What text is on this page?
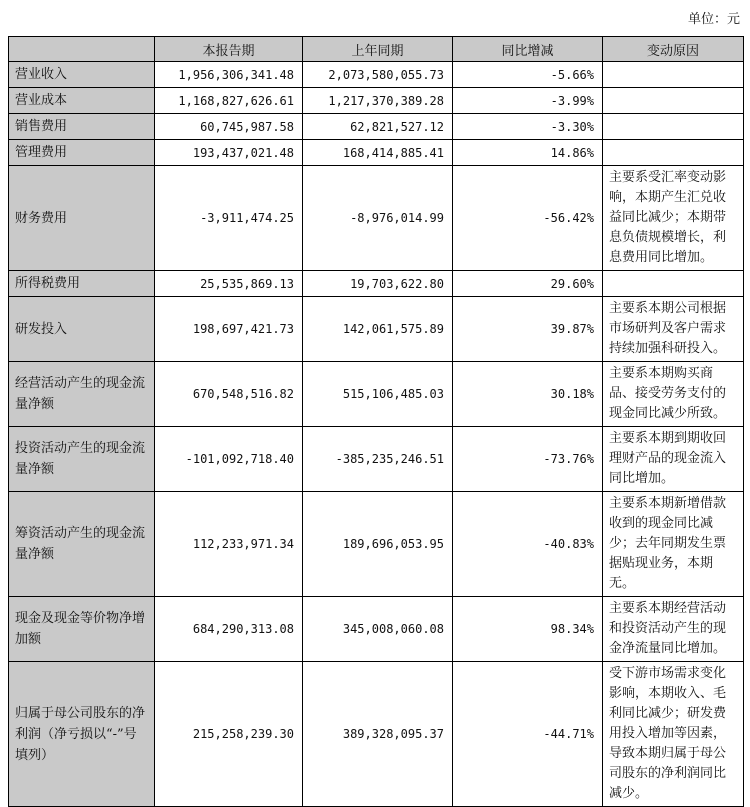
单位：元
	本报告期	上年同期	同比增减	变动原因
营业收入	1,956,306,341.48	2,073,580,055.73	-5.66%	
营业成本	1,168,827,626.61	1,217,370,389.28	-3.99%	
销售费用	60,745,987.58	62,821,527.12	-3.30%	
管理费用	193,437,021.48	168,414,885.41	14.86%	
财务费用	-3,911,474.25	-8,976,014.99	-56.42%	主要系受汇率变动影响，本期产生汇兑收益同比减少；本期带息负债规模增长，利息费用同比增加。
所得税费用	25,535,869.13	19,703,622.80	29.60%	
研发投入	198,697,421.73	142,061,575.89	39.87%	主要系本期公司根据市场研判及客户需求持续加强科研投入。
经营活动产生的现金流量净额	670,548,516.82	515,106,485.03	30.18%	主要系本期购买商品、接受劳务支付的现金同比减少所致。
投资活动产生的现金流量净额	-101,092,718.40	-385,235,246.51	-73.76%	主要系本期到期收回理财产品的现金流入同比增加。
筹资活动产生的现金流量净额	112,233,971.34	189,696,053.95	-40.83%	主要系本期新增借款收到的现金同比减少；去年同期发生票据贴现业务，本期无。
现金及现金等价物净增加额	684,290,313.08	345,008,060.08	98.34%	主要系本期经营活动和投资活动产生的现金净流量同比增加。
归属于母公司股东的净利润（净亏损以“-”号填列）	215,258,239.30	389,328,095.37	-44.71%	受下游市场需求变化影响，本期收入、毛利同比减少；研发费用投入增加等因素，导致本期归属于母公司股东的净利润同比减少。
